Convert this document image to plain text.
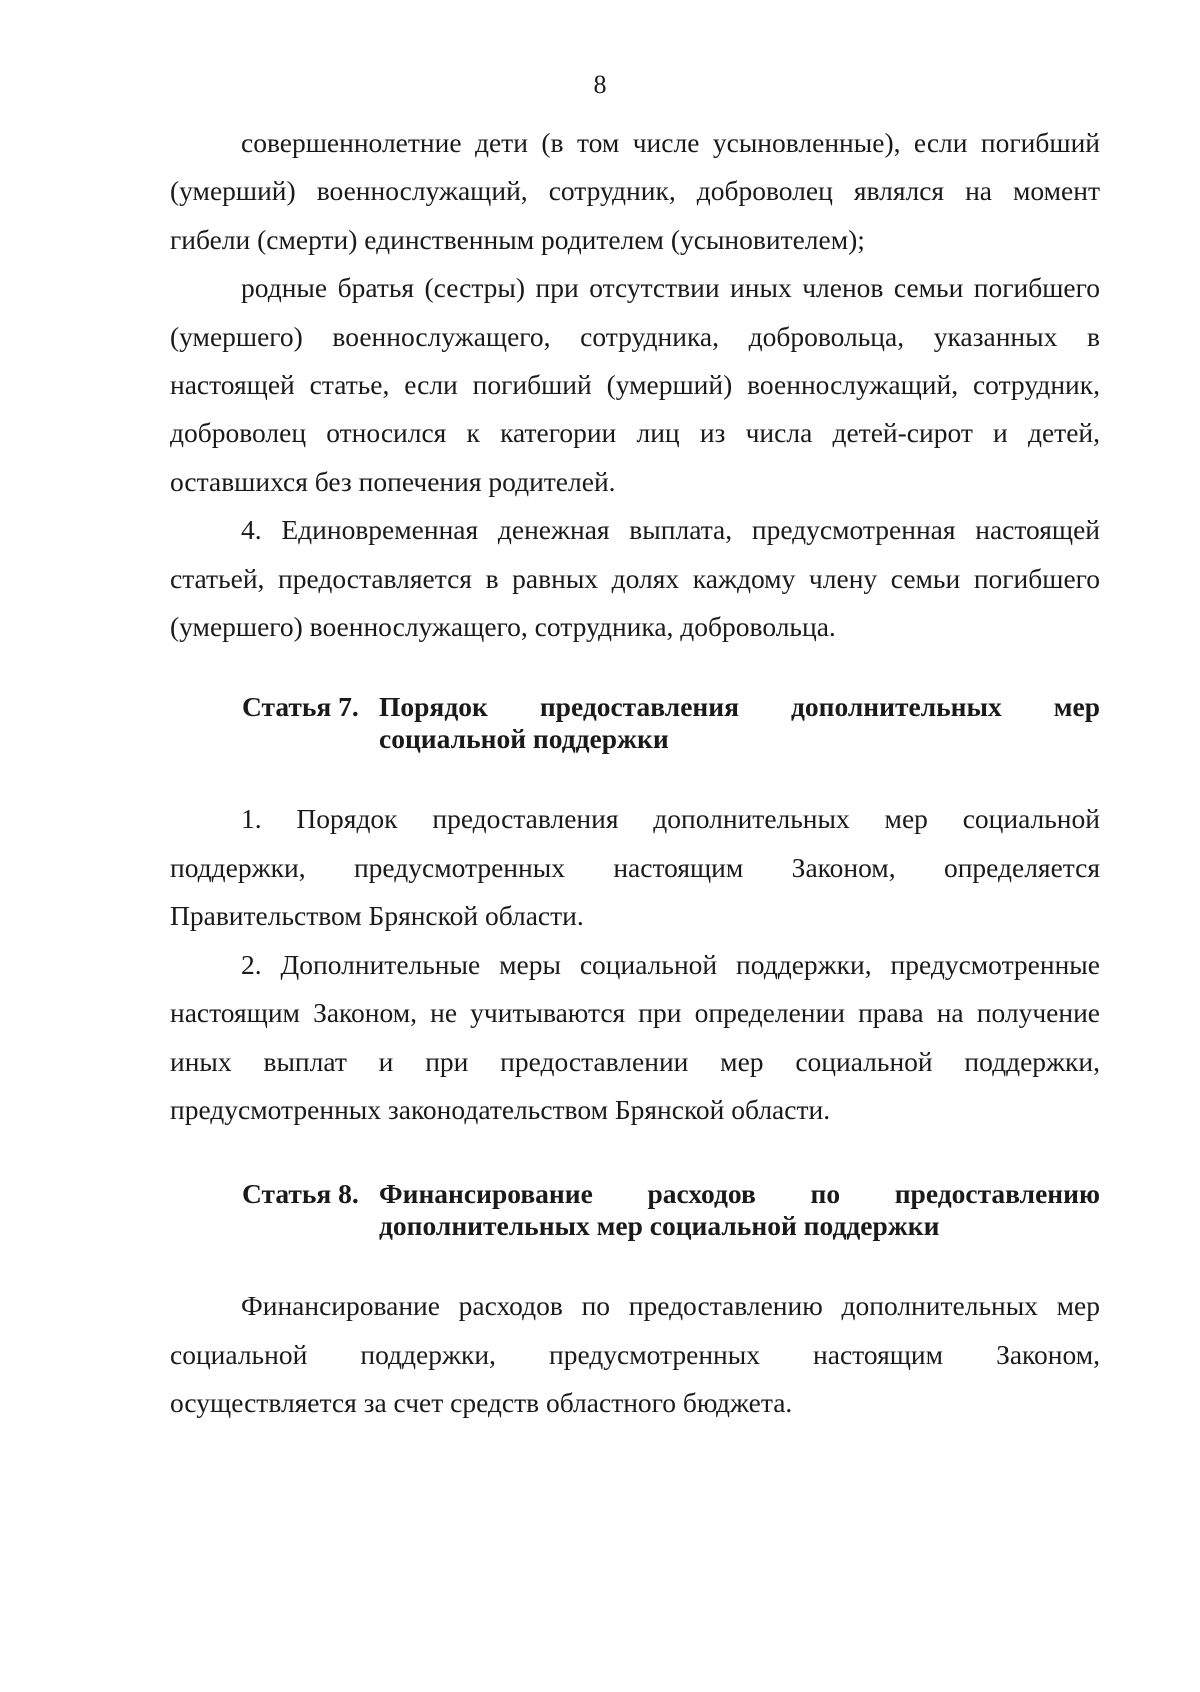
8

совершеннолетние дети (в том числе усыновленные), если погибший (умерший) военнослужащий, сотрудник, доброволец являлся на момент гибели (смерти) единственным родителем (усыновителем);

родные братья (сестры) при отсутствии иных членов семьи погибшего (умершего) военнослужащего, сотрудника, добровольца, указанных в настоящей статье, если погибший (умерший) военнослужащий, сотрудник, доброволец относился к категории лиц из числа детей-сирот и детей, оставшихся без попечения родителей.

4. Единовременная денежная выплата, предусмотренная настоящей статьей, предоставляется в равных долях каждому члену семьи погибшего (умершего) военнослужащего, сотрудника, добровольца.

Статья 7. Порядок предоставления дополнительных мер
социальной поддержки

1. Порядок предоставления дополнительных мер социальной поддержки, предусмотренных настоящим Законом, определяется Правительством Брянской области.

2. Дополнительные меры социальной поддержки, предусмотренные настоящим Законом, не учитываются при определении права на получение иных выплат и при предоставлении мер социальной поддержки, предусмотренных законодательством Брянской области.

Статья 8. Финансирование расходов по предоставлению
дополнительных мер социальной поддержки

Финансирование расходов по предоставлению дополнительных мер социальной поддержки, предусмотренных настоящим Законом, осуществляется за счет средств областного бюджета.
